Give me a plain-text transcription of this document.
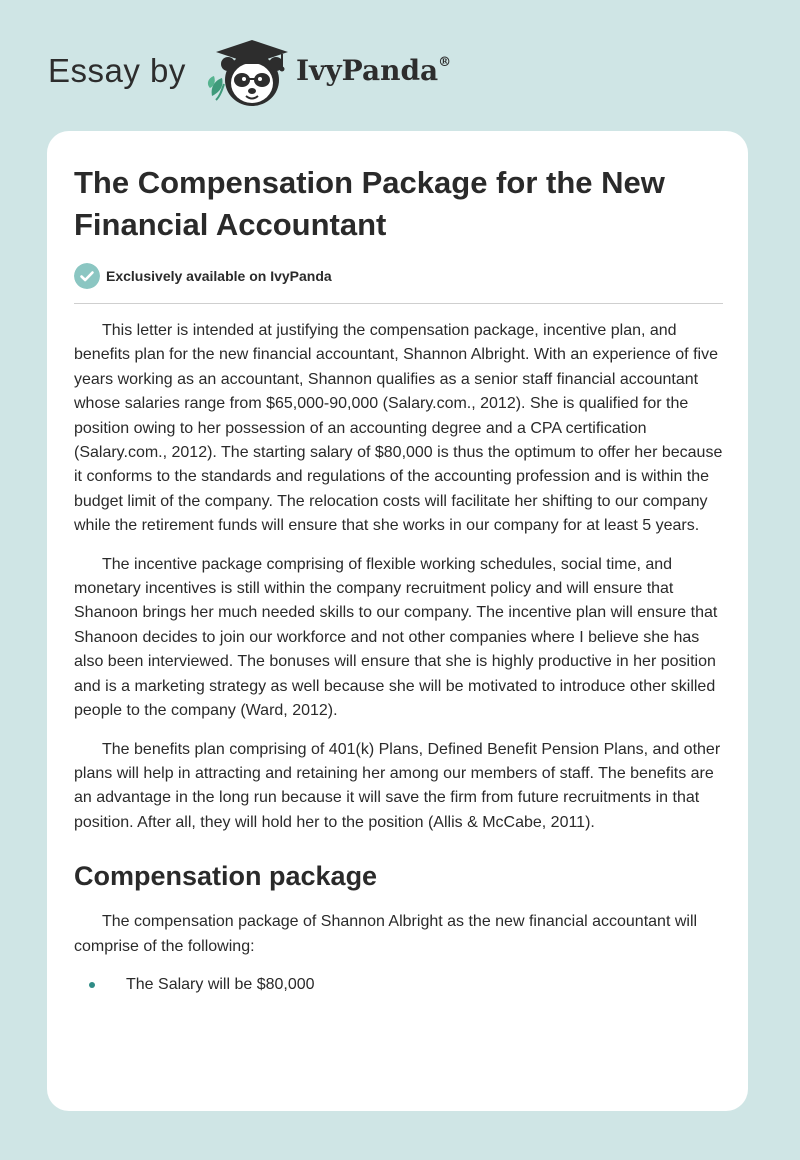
Essay by	IvyPanda®
The Compensation Package for the New Financial Accountant
Exclusively available on IvyPanda

This letter is intended at justifying the compensation package, incentive plan, and benefits plan for the new financial accountant, Shannon Albright. With an experience of five years working as an accountant, Shannon qualifies as a senior staff financial accountant whose salaries range from $65,000-90,000 (Salary.com., 2012). She is qualified for the position owing to her possession of an accounting degree and a CPA certification (Salary.com., 2012). The starting salary of $80,000 is thus the optimum to offer her because it conforms to the standards and regulations of the accounting profession and is within the budget limit of the company. The relocation costs will facilitate her shifting to our company while the retirement funds will ensure that she works in our company for at least 5 years.

The incentive package comprising of flexible working schedules, social time, and monetary incentives is still within the company recruitment policy and will ensure that Shanoon brings her much needed skills to our company. The incentive plan will ensure that Shanoon decides to join our workforce and not other companies where I believe she has also been interviewed. The bonuses will ensure that she is highly productive in her position and is a marketing strategy as well because she will be motivated to introduce other skilled people to the company (Ward, 2012).

The benefits plan comprising of 401(k) Plans, Defined Benefit Pension Plans, and other plans will help in attracting and retaining her among our members of staff. The benefits are an advantage in the long run because it will save the firm from future recruitments in that position. After all, they will hold her to the position (Allis & McCabe, 2011).

Compensation package

The compensation package of Shannon Albright as the new financial accountant will comprise of the following:

The Salary will be $80,000
